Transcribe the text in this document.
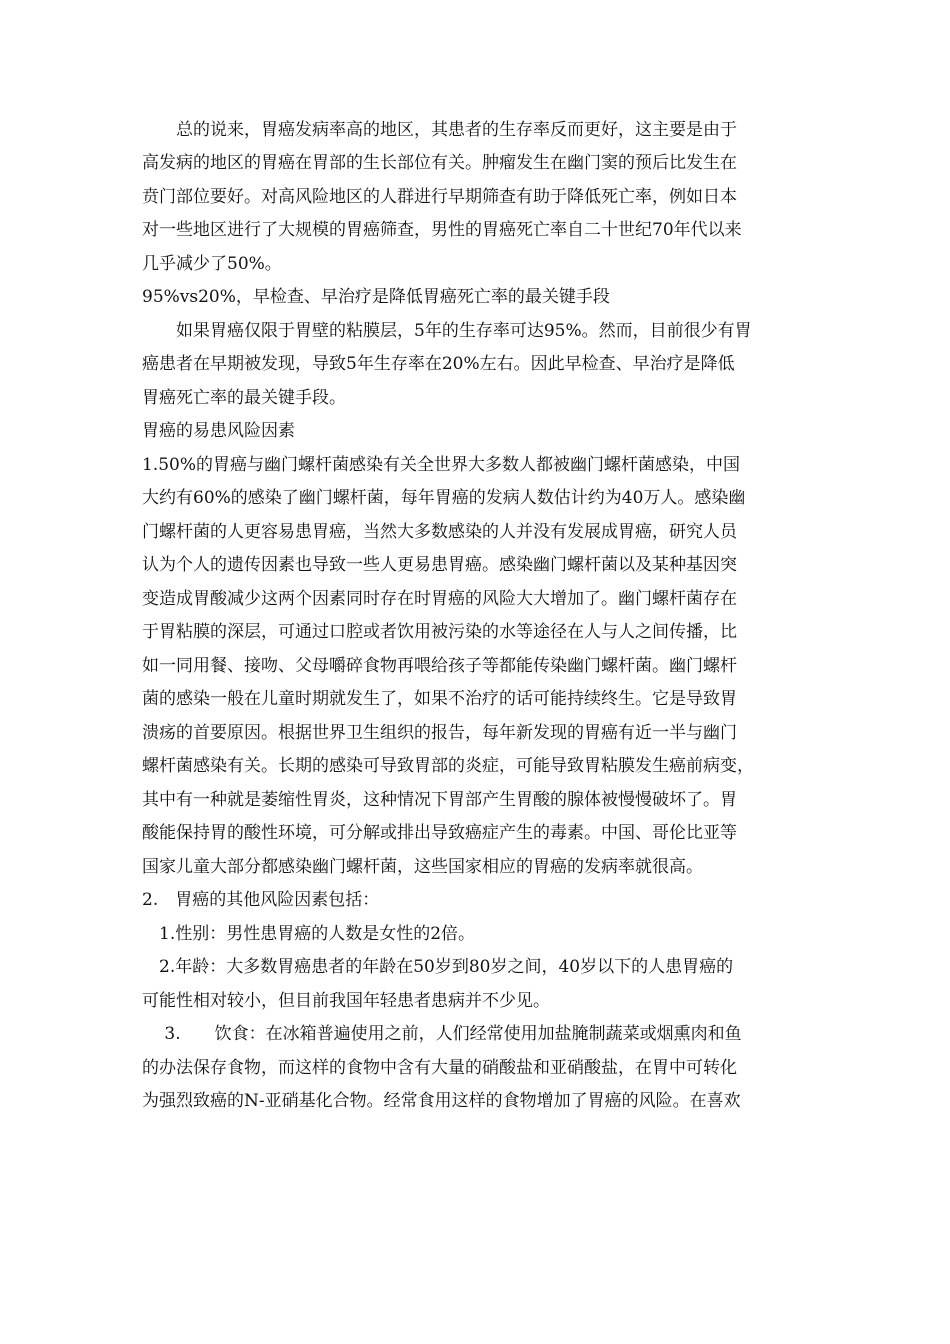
　　总的说来，胃癌发病率高的地区，其患者的生存率反而更好，这主要是由于
高发病的地区的胃癌在胃部的生长部位有关。肿瘤发生在幽门窦的预后比发生在
贲门部位要好。对高风险地区的人群进行早期筛查有助于降低死亡率，例如日本
对一些地区进行了大规模的胃癌筛查，男性的胃癌死亡率自二十世纪70年代以来
几乎减少了50%。
95%vs20%，早检查、早治疗是降低胃癌死亡率的最关键手段
　　如果胃癌仅限于胃壁的粘膜层，5年的生存率可达95%。然而，目前很少有胃
癌患者在早期被发现，导致5年生存率在20%左右。因此早检查、早治疗是降低
胃癌死亡率的最关键手段。
胃癌的易患风险因素
1.50%的胃癌与幽门螺杆菌感染有关全世界大多数人都被幽门螺杆菌感染，中国
大约有60%的感染了幽门螺杆菌，每年胃癌的发病人数估计约为40万人。感染幽
门螺杆菌的人更容易患胃癌，当然大多数感染的人并没有发展成胃癌，研究人员
认为个人的遗传因素也导致一些人更易患胃癌。感染幽门螺杆菌以及某种基因突
变造成胃酸减少这两个因素同时存在时胃癌的风险大大增加了。幽门螺杆菌存在
于胃粘膜的深层，可通过口腔或者饮用被污染的水等途径在人与人之间传播，比
如一同用餐、接吻、父母嚼碎食物再喂给孩子等都能传染幽门螺杆菌。幽门螺杆
菌的感染一般在儿童时期就发生了，如果不治疗的话可能持续终生。它是导致胃
溃疡的首要原因。根据世界卫生组织的报告，每年新发现的胃癌有近一半与幽门
螺杆菌感染有关。长期的感染可导致胃部的炎症，可能导致胃粘膜发生癌前病变，
其中有一种就是萎缩性胃炎，这种情况下胃部产生胃酸的腺体被慢慢破坏了。胃
酸能保持胃的酸性环境，可分解或排出导致癌症产生的毒素。中国、哥伦比亚等
国家儿童大部分都感染幽门螺杆菌，这些国家相应的胃癌的发病率就很高。
2.　胃癌的其他风险因素包括：
　1.性别：男性患胃癌的人数是女性的2倍。
　2.年龄：大多数胃癌患者的年龄在50岁到80岁之间，40岁以下的人患胃癌的
可能性相对较小，但目前我国年轻患者患病并不少见。
　 3.　　饮食：在冰箱普遍使用之前，人们经常使用加盐腌制蔬菜或烟熏肉和鱼
的办法保存食物，而这样的食物中含有大量的硝酸盐和亚硝酸盐，在胃中可转化
为强烈致癌的N-亚硝基化合物。经常食用这样的食物增加了胃癌的风险。在喜欢
